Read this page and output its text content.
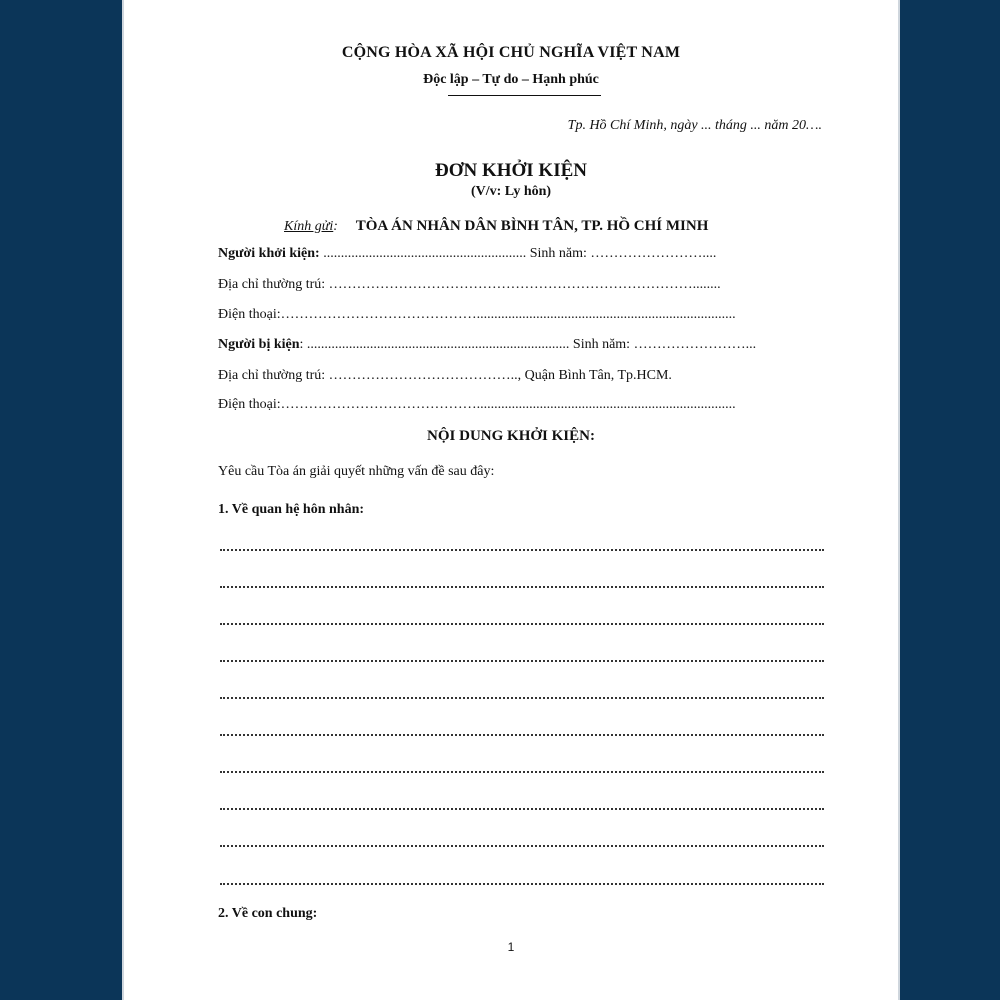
CỘNG HÒA XÃ HỘI CHỦ NGHĨA VIỆT NAM
Độc lập – Tự do – Hạnh phúc
Tp. Hồ Chí Minh, ngày ... tháng ... năm 20….
ĐƠN KHỞI KIỆN
(V/v: Ly hôn)
Kính gửi: TÒA ÁN NHÂN DÂN BÌNH TÂN, TP. HỒ CHÍ MINH
Người khởi kiện: .......................................................... Sinh năm: ……………………....
Địa chỉ thường trú: ……………………………………………………………………........
Điện thoại:……………………………………..........................................................................
Người bị kiện: ........................................................................... Sinh năm: ……………………...
Địa chỉ thường trú: ………………………………….., Quận Bình Tân, Tp.HCM.
Điện thoại:……………………………………..........................................................................
NỘI DUNG KHỞI KIỆN:
Yêu cầu Tòa án giải quyết những vấn đề sau đây:
1. Về quan hệ hôn nhân:
2. Về con chung:
1
